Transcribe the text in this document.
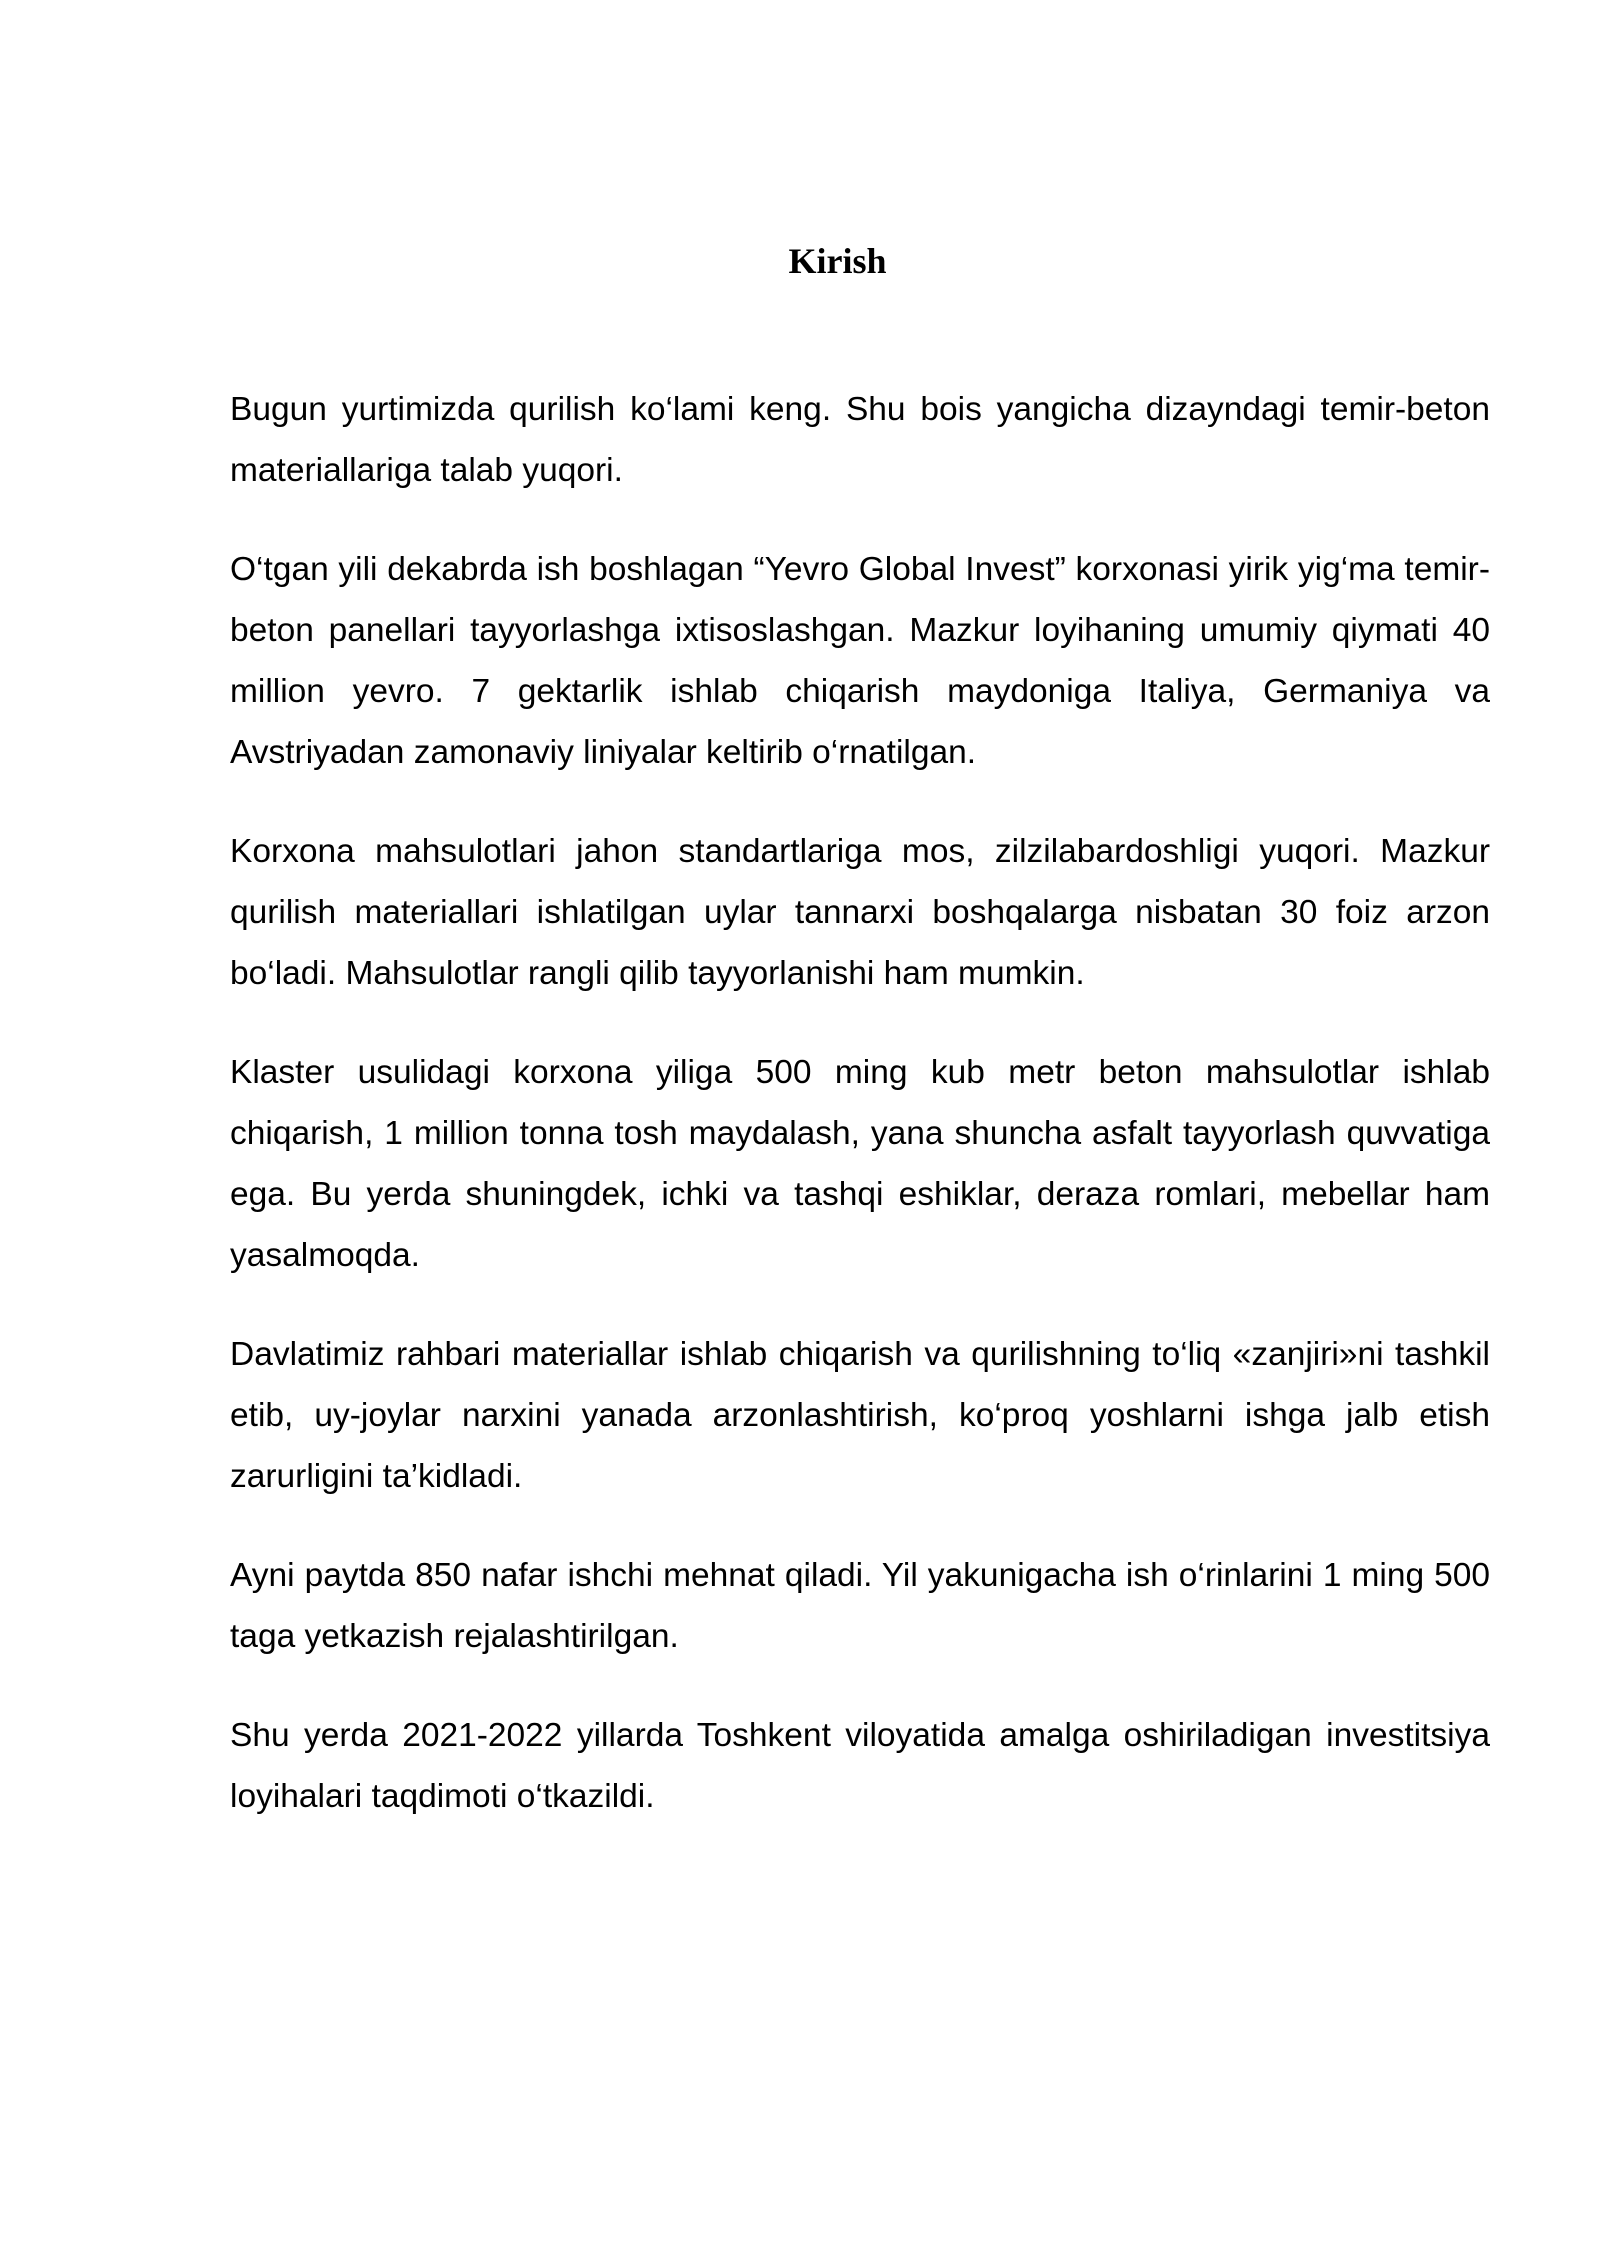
Kirish

Bugun yurtimizda qurilish ko‘lami keng. Shu bois yangicha dizayndagi temir-beton materiallariga talab yuqori.

O‘tgan yili dekabrda ish boshlagan “Yevro Global Invest” korxonasi yirik yig‘ma temir-beton panellari tayyorlashga ixtisoslashgan. Mazkur loyihaning umumiy qiymati 40 million yevro. 7 gektarlik ishlab chiqarish maydoniga Italiya, Germaniya va Avstriyadan zamonaviy liniyalar keltirib o‘rnatilgan.

Korxona mahsulotlari jahon standartlariga mos, zilzilabardoshligi yuqori. Mazkur qurilish materiallari ishlatilgan uylar tannarxi boshqalarga nisbatan 30 foiz arzon bo‘ladi. Mahsulotlar rangli qilib tayyorlanishi ham mumkin.

Klaster usulidagi korxona yiliga 500 ming kub metr beton mahsulotlar ishlab chiqarish, 1 million tonna tosh maydalash, yana shuncha asfalt tayyorlash quvvatiga ega. Bu yerda shuningdek, ichki va tashqi eshiklar, deraza romlari, mebellar ham yasalmoqda.

Davlatimiz rahbari materiallar ishlab chiqarish va qurilishning to‘liq «zanjiri»ni tashkil etib, uy-joylar narxini yanada arzonlashtirish, ko‘proq yoshlarni ishga jalb etish zarurligini ta’kidladi.

Ayni paytda 850 nafar ishchi mehnat qiladi. Yil yakunigacha ish o‘rinlarini 1 ming 500 taga yetkazish rejalashtirilgan.

Shu yerda 2021-2022 yillarda Toshkent viloyatida amalga oshiriladigan investitsiya loyihalari taqdimoti o‘tkazildi.
